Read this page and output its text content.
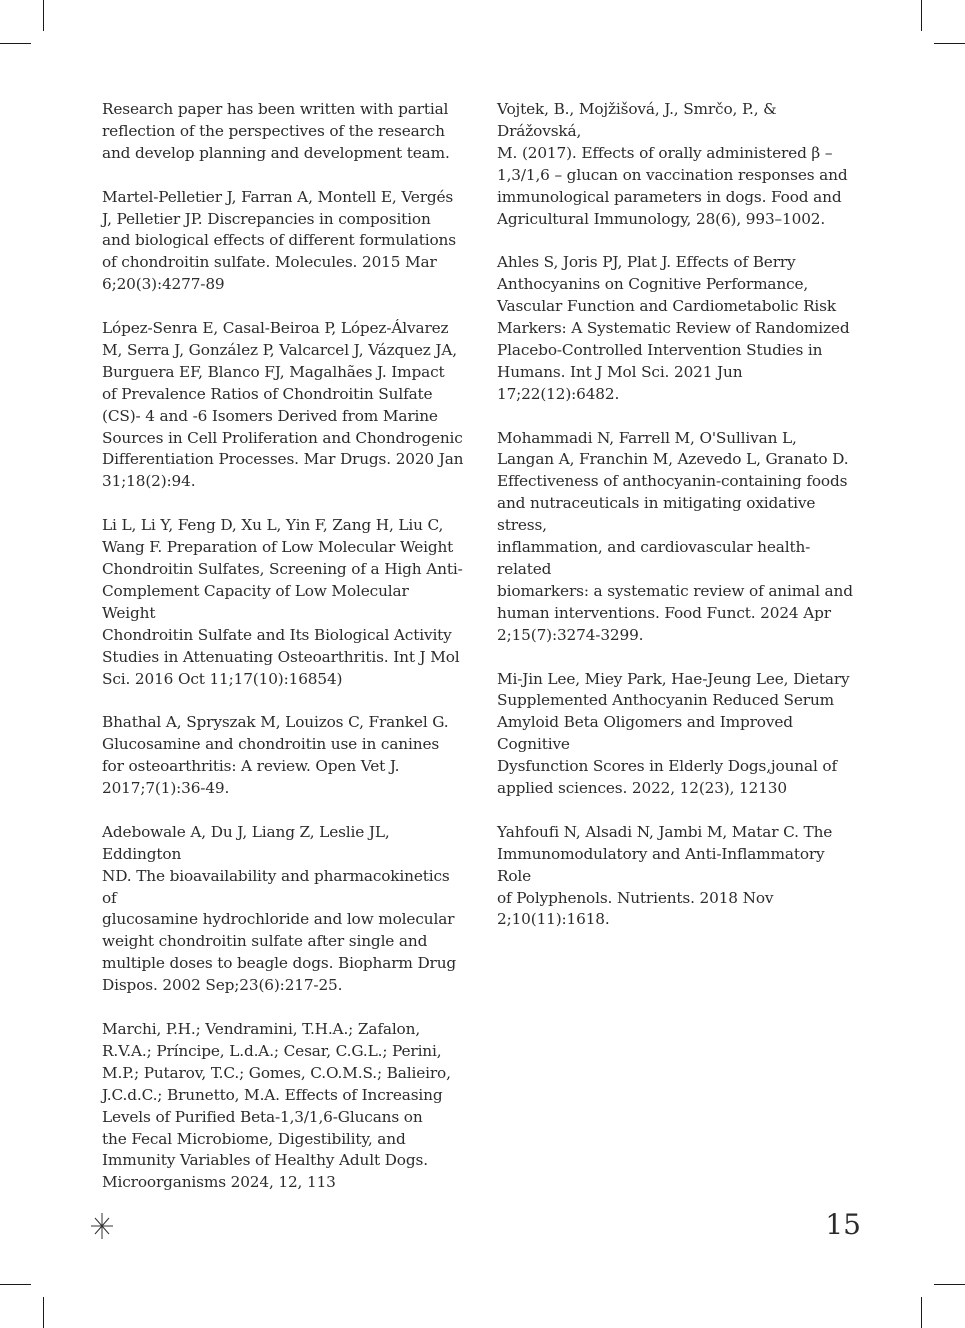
Research paper has been written with partial
reflection of the perspectives of the research
and develop planning and development team.

Martel-Pelletier J, Farran A, Montell E, Vergés
J, Pelletier JP. Discrepancies in composition
and biological effects of different formulations
of chondroitin sulfate. Molecules. 2015 Mar
6;20(3):4277-89

López-Senra E, Casal-Beiroa P, López-Álvarez
M, Serra J, González P, Valcarcel J, Vázquez JA,
Burguera EF, Blanco FJ, Magalhães J. Impact
of Prevalence Ratios of Chondroitin Sulfate
(CS)- 4 and -6 Isomers Derived from Marine
Sources in Cell Proliferation and Chondrogenic
Differentiation Processes. Mar Drugs. 2020 Jan
31;18(2):94.

Li L, Li Y, Feng D, Xu L, Yin F, Zang H, Liu C,
Wang F. Preparation of Low Molecular Weight
Chondroitin Sulfates, Screening of a High Anti-
Complement Capacity of Low Molecular Weight
Chondroitin Sulfate and Its Biological Activity
Studies in Attenuating Osteoarthritis. Int J Mol
Sci. 2016 Oct 11;17(10):16854)

Bhathal A, Spryszak M, Louizos C, Frankel G.
Glucosamine and chondroitin use in canines
for osteoarthritis: A review. Open Vet J.
2017;7(1):36-49.

Adebowale A, Du J, Liang Z, Leslie JL, Eddington
ND. The bioavailability and pharmacokinetics of
glucosamine hydrochloride and low molecular
weight chondroitin sulfate after single and
multiple doses to beagle dogs. Biopharm Drug
Dispos. 2002 Sep;23(6):217-25.

Marchi, P.H.; Vendramini, T.H.A.; Zafalon,
R.V.A.; Príncipe, L.d.A.; Cesar, C.G.L.; Perini,
M.P.; Putarov, T.C.; Gomes, C.O.M.S.; Balieiro,
J.C.d.C.; Brunetto, M.A. Effects of Increasing
Levels of Purified Beta-1,3/1,6-Glucans on
the Fecal Microbiome, Digestibility, and
Immunity Variables of Healthy Adult Dogs.
Microorganisms 2024, 12, 113

Vojtek, B., Mojžišová, J., Smrčo, P., & Drážovská,
M. (2017). Effects of orally administered β –
1,3/1,6 – glucan on vaccination responses and
immunological parameters in dogs. Food and
Agricultural Immunology, 28(6), 993–1002.

Ahles S, Joris PJ, Plat J. Effects of Berry
Anthocyanins on Cognitive Performance,
Vascular Function and Cardiometabolic Risk
Markers: A Systematic Review of Randomized
Placebo-Controlled Intervention Studies in
Humans. Int J Mol Sci. 2021 Jun 17;22(12):6482.

Mohammadi N, Farrell M, O'Sullivan L,
Langan A, Franchin M, Azevedo L, Granato D.
Effectiveness of anthocyanin-containing foods
and nutraceuticals in mitigating oxidative stress,
inflammation, and cardiovascular health-related
biomarkers: a systematic review of animal and
human interventions. Food Funct. 2024 Apr
2;15(7):3274-3299.

Mi-Jin Lee, Miey Park, Hae-Jeung Lee, Dietary
Supplemented Anthocyanin Reduced Serum
Amyloid Beta Oligomers and Improved Cognitive
Dysfunction Scores in Elderly Dogs,jounal of
applied sciences. 2022, 12(23), 12130

Yahfoufi N, Alsadi N, Jambi M, Matar C. The
Immunomodulatory and Anti-Inflammatory Role
of Polyphenols. Nutrients. 2018 Nov 2;10(11):1618.

15
